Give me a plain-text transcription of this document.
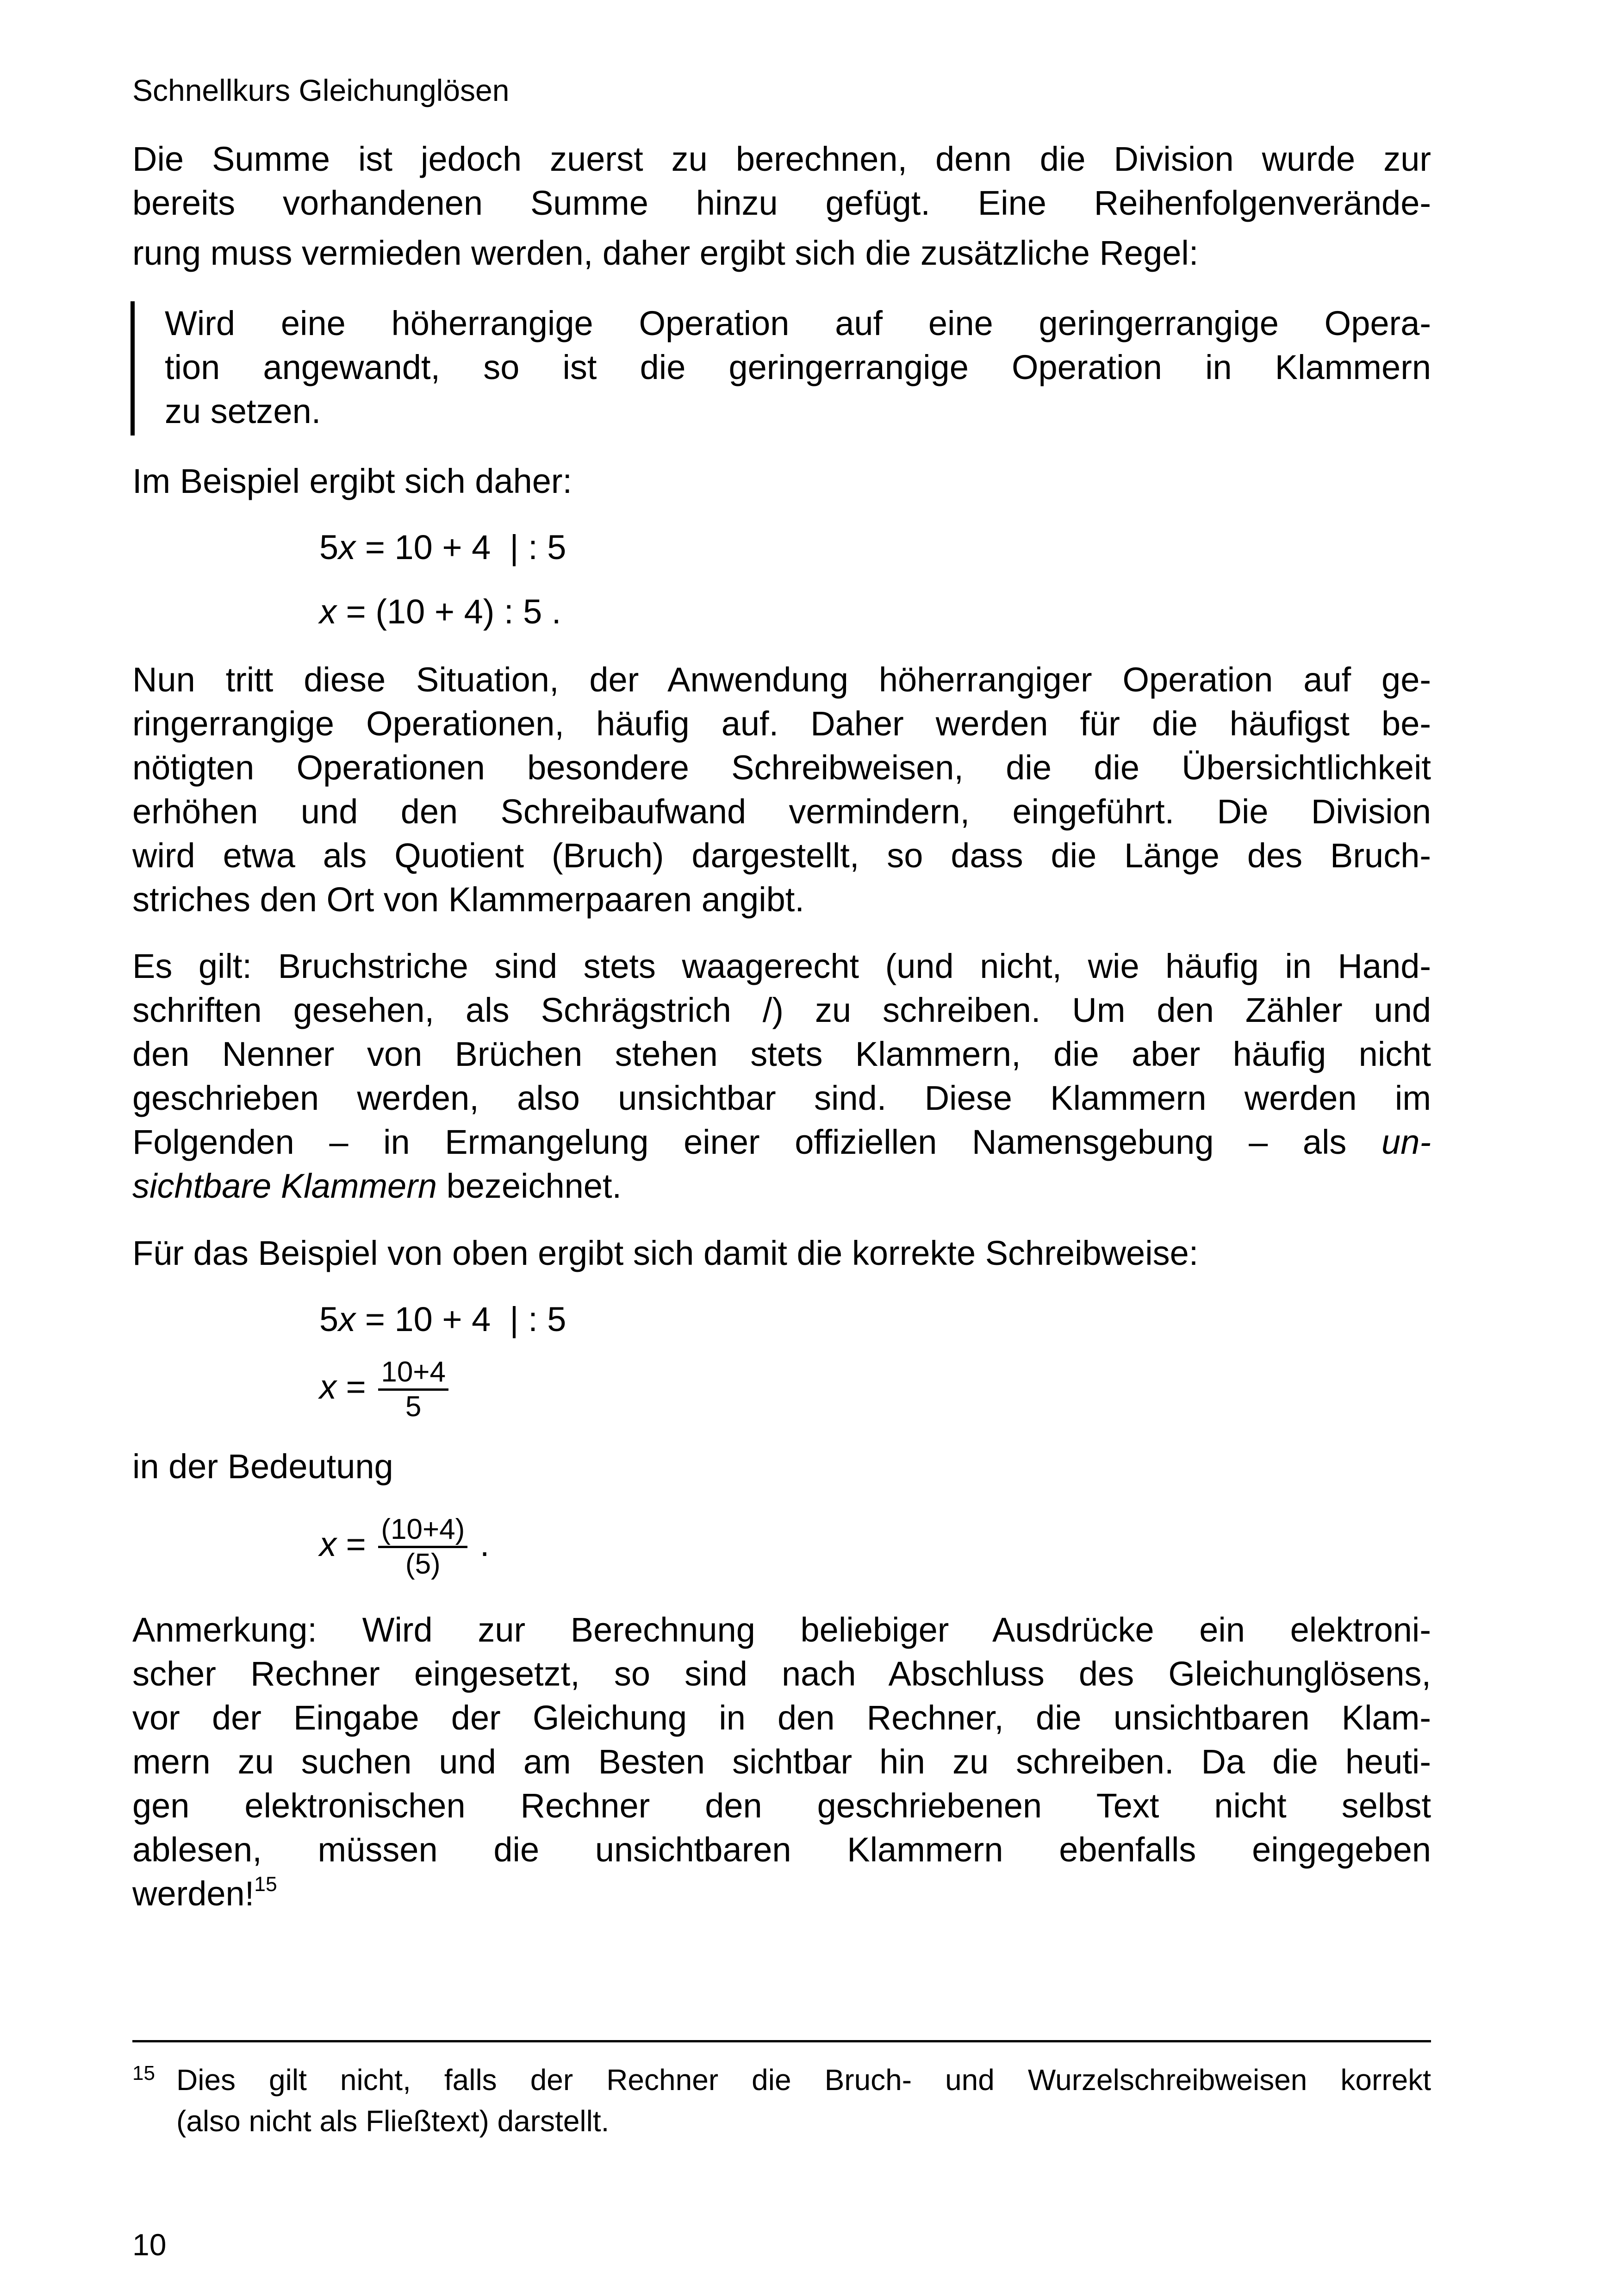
Schnellkurs Gleichunglösen
Die Summe ist jedoch zuerst zu berechnen, denn die Division wurde zur
bereits vorhandenen Summe hinzu gefügt. Eine Reihenfolgenverände-
rung muss vermieden werden, daher ergibt sich die zusätzliche Regel:
Wird eine höherrangige Operation auf eine geringerrangige Opera-
tion angewandt, so ist die geringerrangige Operation in Klammern
zu setzen.
Im Beispiel ergibt sich daher:
5x = 10 + 4  | : 5
x = (10 + 4) : 5 .
Nun tritt diese Situation, der Anwendung höherrangiger Operation auf ge-
ringerrangige Operationen, häufig auf. Daher werden für die häufigst be-
nötigten Operationen besondere Schreibweisen, die die Übersichtlichkeit
erhöhen und den Schreibaufwand vermindern, eingeführt. Die Division
wird etwa als Quotient (Bruch) dargestellt, so dass die Länge des Bruch-
striches den Ort von Klammerpaaren angibt.
Es gilt: Bruchstriche sind stets waagerecht (und nicht, wie häufig in Hand-
schriften gesehen, als Schrägstrich /) zu schreiben. Um den Zähler und
den Nenner von Brüchen stehen stets Klammern, die aber häufig nicht
geschrieben werden, also unsichtbar sind. Diese Klammern werden im
Folgenden – in Ermangelung einer offiziellen Namensgebung – als un-
sichtbare Klammern bezeichnet.
Für das Beispiel von oben ergibt sich damit die korrekte Schreibweise:
5x = 10 + 4  | : 5
$x = \frac{10+4}{5}$
in der Bedeutung
$x = \frac{(10+4)}{(5)}$ .
Anmerkung: Wird zur Berechnung beliebiger Ausdrücke ein elektroni-
scher Rechner eingesetzt, so sind nach Abschluss des Gleichunglösens,
vor der Eingabe der Gleichung in den Rechner, die unsichtbaren Klam-
mern zu suchen und am Besten sichtbar hin zu schreiben. Da die heuti-
gen elektronischen Rechner den geschriebenen Text nicht selbst
ablesen, müssen die unsichtbaren Klammern ebenfalls eingegeben
werden!$^{15}$
15 Dies gilt nicht, falls der Rechner die Bruch- und Wurzelschreibweisen korrekt
(also nicht als Fließtext) darstellt.
10
